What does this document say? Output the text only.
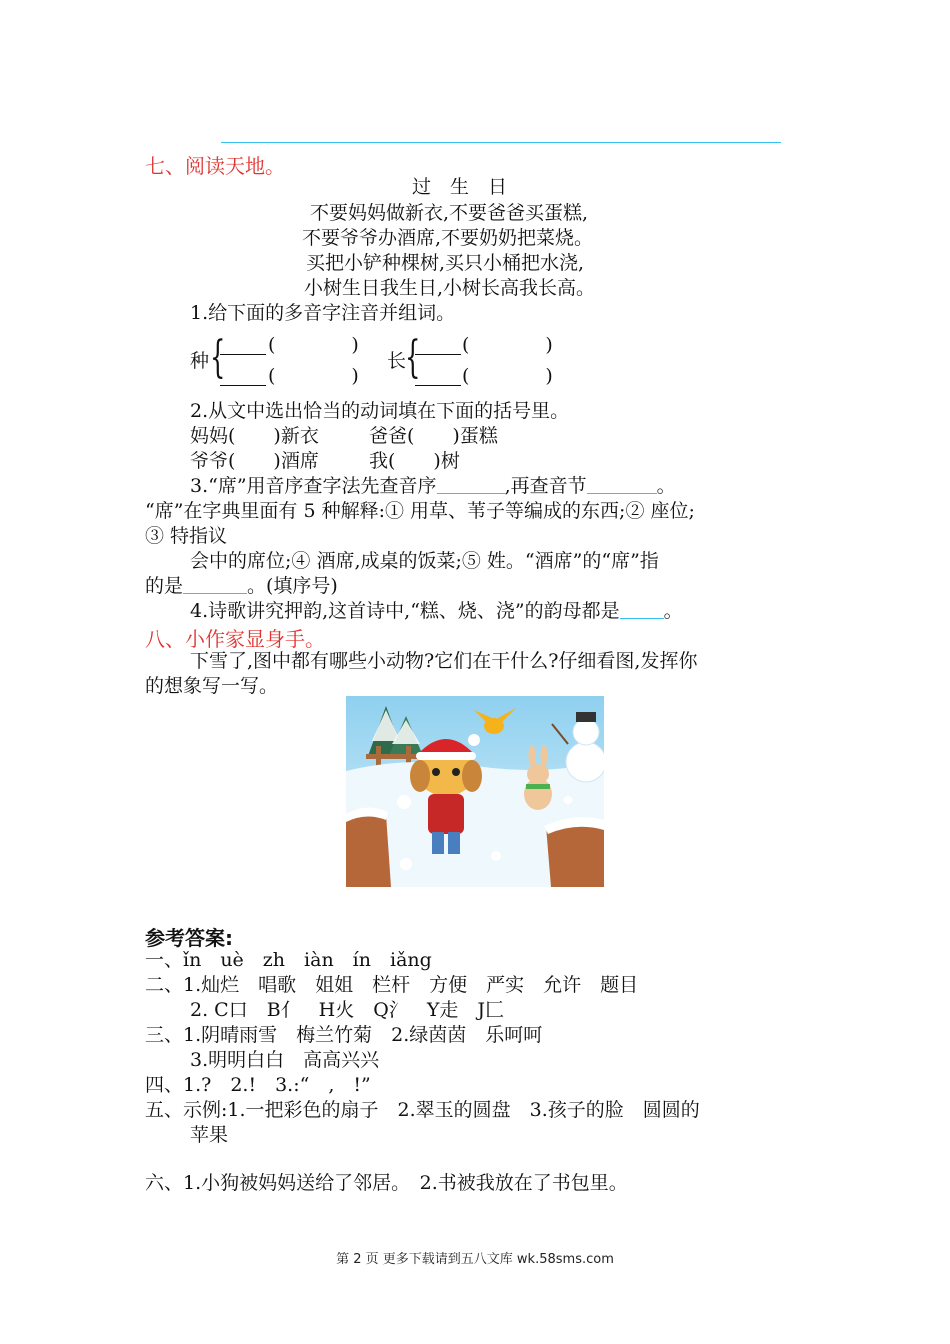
七、阅读天地。
过　生　日
不要妈妈做新衣,不要爸爸买蛋糕,
不要爷爷办酒席,不要奶奶把菜烧。
买把小铲种棵树,买只小桶把水浇,
小树生日我生日,小树长高我长高。
1.给下面的多音字注音并组词。
种 { (　　　　)
(　　　　)
长
{ (　　　　)
(　　　　)
2.从文中选出恰当的动词填在下面的括号里。
妈妈(　　)新衣	爸爸(　　)蛋糕
爷爷(　　)酒席	我(　　)树
3.“席”用音序查字法先查音序	,再查音节	。
“席”在字典里面有 5 种解释:① 用草、苇子等编成的东西;② 座位;
③ 特指议
会中的席位;④ 酒席,成桌的饭菜;⑤ 姓。“酒席”的“席”指
的是	。(填序号)
4.诗歌讲究押韵,这首诗中,“糕、烧、浇”的韵母都是 。
八、小作家显身手。
下雪了,图中都有哪些小动物?它们在干什么?仔细看图,发挥你
的想象写一写。
参考答案:
一、ǐn　uè　zh　iàn　ín　iǎng
二、1.灿烂　唱歌　姐姐　栏杆　方便　严实　允许　题目
2. C口　B亻　H火　Q氵　Y走　J匚
三、1.阴晴雨雪　梅兰竹菊　2.绿茵茵　乐呵呵
3.明明白白　高高兴兴
四、1.?　2.!　3.:“　,　!”
五、示例:1.一把彩色的扇子　2.翠玉的圆盘　3.孩子的脸　圆圆的
苹果
六、1.小狗被妈妈送给了邻居。　2.书被我放在了书包里。
第 2 页 更多下载请到五八文库 wk.58sms.com
